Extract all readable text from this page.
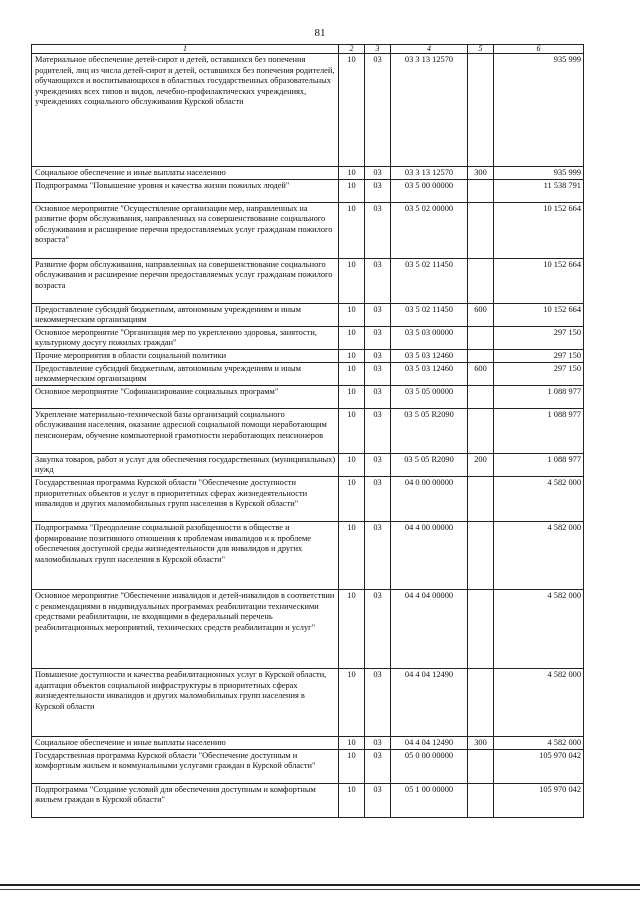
81
1	2	3	4	5	6
Материальное обеспечение детей-сирот и детей, оставшихся без попечения родителей, лиц из числа детей-сирот и детей, оставшихся без попечения родителей, обучающихся и воспитывающихся в областных государственных образовательных учреждениях всех типов и видов, лечебно-профилактических учреждениях, учреждениях социального обслуживания Курской области	10	03	03 3 13 12570		935 999
Социальное обеспечение и иные выплаты населению	10	03	03 3 13 12570	300	935 999
Подпрограмма "Повышение уровня и качества жизни пожилых людей"	10	03	03 5 00 00000		11 538 791
Основное мероприятие "Осуществление организации мер, направленных на развитие форм обслуживания, направленных на совершенствование социального обслуживания и расширение перечня предоставляемых услуг гражданам пожилого возраста"	10	03	03 5 02 00000		10 152 664
Развитие форм обслуживания, направленных на совершенствование социального обслуживания и расширение перечня предоставляемых услуг гражданам пожилого возраста	10	03	03 5 02 11450		10 152 664
Предоставление субсидий бюджетным, автономным учреждениям и иным некоммерческим организациям	10	03	03 5 02 11450	600	10 152 664
Основное мероприятие "Организация мер по укреплению здоровья, занятости, культурному досугу пожилых граждан"	10	03	03 5 03 00000		297 150
Прочие мероприятия в области социальной политики	10	03	03 5 03 12460		297 150
Предоставление субсидий бюджетным, автономным учреждениям и иным некоммерческим организациям	10	03	03 5 03 12460	600	297 150
Основное мероприятие "Софинансирование социальных программ"	10	03	03 5 05 00000		1 088 977
Укрепление материально-технической базы организаций социального обслуживания населения, оказание адресной социальной помощи неработающим пенсионерам, обучение компьютерной грамотности неработающих пенсионеров	10	03	03 5 05 R2090		1 088 977
Закупка товаров, работ и услуг для обеспечения государственных (муниципальных) нужд	10	03	03 5 05 R2090	200	1 088 977
Государственная программа Курской области "Обеспечение доступности приоритетных объектов и услуг в приоритетных сферах жизнедеятельности инвалидов и других маломобильных групп населения в Курской области"	10	03	04 0 00 00000		4 582 000
Подпрограмма "Преодоление социальной разобщенности в обществе и формирование позитивного отношения к проблемам инвалидов и к проблеме обеспечения доступной среды жизнедеятельности для инвалидов и других маломобильных групп населения в Курской области"	10	03	04 4 00 00000		4 582 000
Основное мероприятие "Обеспечение инвалидов и детей-инвалидов в соответствии с рекомендациями в индивидуальных программах реабилитации техническими средствами реабилитации, не входящими в федеральный перечень реабилитационных мероприятий, технических средств реабилитации и услуг"	10	03	04 4 04 00000		4 582 000
Повышение доступности и качества реабилитационных услуг в Курской области, адаптация объектов социальной инфраструктуры в приоритетных сферах жизнедеятельности инвалидов и других маломобильных групп населения в Курской области	10	03	04 4 04 12490		4 582 000
Социальное обеспечение и иные выплаты населению	10	03	04 4 04 12490	300	4 582 000
Государственная программа Курской области "Обеспечение доступным и комфортным жильем и коммунальными услугами граждан в Курской области"	10	03	05 0 00 00000		105 970 042
Подпрограмма "Создание условий для обеспечения доступным и комфортным жильем граждан в Курской области"	10	03	05 1 00 00000		105 970 042
